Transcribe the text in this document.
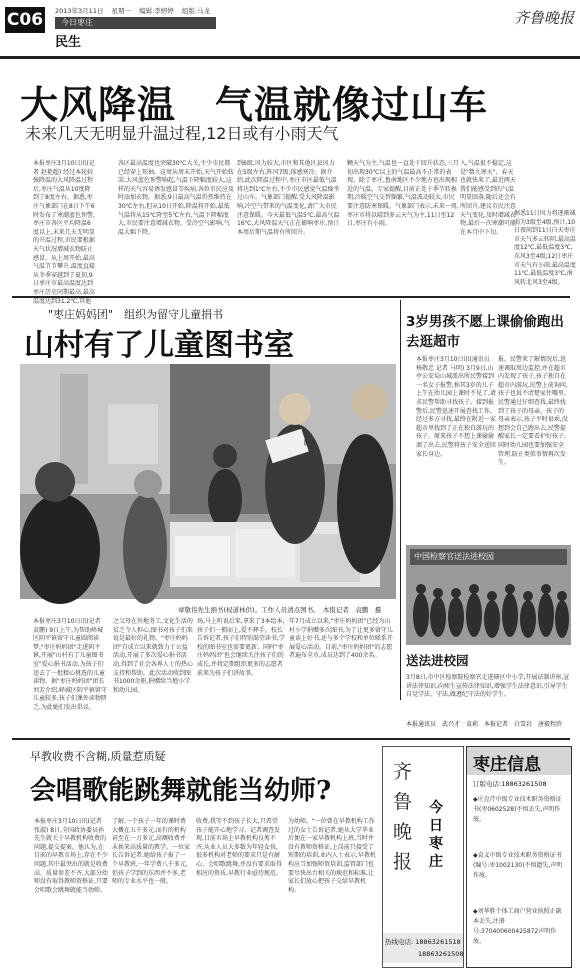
C06 2013年3月11日 星期一 编辑:李婷婷 组版:马龙
今日枣庄
民生
齐鲁晚报
大风降温　气温就像过山车
未来几天无明显升温过程,12日或有小雨天气
本报枣庄3月10日讯(记者 赵艳超) 经过本轮较强降温的大风降温过程后,枣庄气温从10度降到了8度左右。据悉,枣庄气象部门在8日下午6时发布了寒潮蓝色预警,枣庄市各区平均降温6度以上,未来几天无明显的升温过程,市民要根据天气状况增减衣物防止感冒。从上周开始,最高气温节节攀升,温度直接从冬季穿越到了夏初,9日枣庄市最高温度达到枣庄历史同期最高,最高温度达到31.2℃,其他
各区最高温度也突破30℃大关,不少市民都已经穿上短袖。这周从周末开始,天气开始转凉,大风蓝色预警响起,气温下降幅度较大,这样的天气容易诱发感冒等疾病,各位市民应及时添加衣物。据悉,9日最高气温仍然维持在30℃左右,但从10日开始,降温将开始,最低气温将从15℃降至5℃左右,气温下降幅度大,市民要注意增减衣物。受冷空气影响,气温大幅下降。
到6级,风力较大,市区和其他区县风力在5级左右,阵风7级,体感寒冷。据介绍,此次降温过程中,枣庄市区最低气温将达到1℃左右,不少市民感觉气温像坐过山车。气象部门提醒,受大风降温影响,冷空气带来的气温变化,请广大市民注意保暖。今天最低气温5℃,最高气温16℃,大风降温天气正在影响枣庄,预计本周后期气温将有所回升。
颗天气为主,气温也一直处于回升状态,三月初出现30℃以上的气温最高不正常的表现。除了枣庄,鲁南地区不少地方也出现相近的气温。专家提醒,目前正处于季节转换期,冷暖空气交替频繁,气温波动较大,市民要注意防寒保暖。气象部门表示,未来一周,枣庄市将以晴到多云天气为主,11日至12日,枣庄有小雨。
入,气温很不稳定,这是"数九寒天"、春天也就快来了,最近两天我们能感受到的气温明显回落,随后还会有所回升,建议市民注意天气变化,及时增减衣物,最后一次寒潮可能在本月中下旬。
据悉11日风力将逐渐减弱为3级至4级,预计,10日夜间到11日白天枣庄市天气多云转阴,最高温度12℃,最低温度3℃,东风3至4级;12日枣庄市天气有小雨,最高温度11℃,最低温度3℃,南风转北风3至4级。
"枣庄妈妈团"　组织为留守儿童捐书
山村有了儿童图书室
图书
章敬伟先生捐书(权道林供)。工作人员清点图书。　本报记者　袁鹏　摄
本报枣庄3月10日讯(记者 袁鹏) 9日上午,为帮助峄城区阴平镇留守儿童圆阅读梦,"枣庄妈妈团"走进阴平镇,开展"山村有了儿童图书室"爱心捐书活动,为孩子们送去了一批精心挑选的儿童读物。据"枣庄妈妈团"团长刘芳介绍,峄城区阴平镇留守儿童较多,孩子们课外读物匮乏,为此她们发出倡议。
之父母在外地务工,文化生活的贫乏令人担心,图书对孩子们来说是最好的礼物。"枣庄妈妈团"自成立以来就致力于公益活动,开展了多次爱心捐书活动,得到了社会各界人士的热心支持和帮助。此次活动收到图书1000余册,捐赠给当地小学和幼儿园。
场,马上听说后来,拿来了3本绘本,孩子们一拥而上,爱不释手。校长告诉记者,孩子们特别渴望读书,学校的图书室也需要更新。同时"枣庄妈妈团"也会继续关注孩子们的成长,并将定期组织更多的志愿者前来为孩子们讲故事。
年7月成立以来,"枣庄妈妈团"已经为山村小学捐赠多次图书,为了让更多留守儿童读上好书,还与多个学校和单位联系开展爱心活动。目前,"枣庄妈妈团"的志愿者遍布全市,成员达到了400余名。
3岁男孩不愿上课偷偷跑出去逛超市
本报枣庄3月10日讯(通讯员 杨敬忠 记者 马明) 3月9日,山亭公安局山城派出所民警接到一名女子报警,称其3岁的儿子上午在幼儿园上课时不见了,请求民警帮助寻找孩子。接到报警后,民警迅速开展查找工作,经过多方寻找,最终在附近一家超市里找到了正在独自游玩的孩子。原来孩子不想上课偷偷溜了出去,民警将孩子安全送回家长身边。
报。民警来了解情况后,迅速调取周边监控,并在超市内发现了孩子,孩子独自在超市内游玩,民警上前询问,孩子也说不清楚家住哪里,民警通过仔细查找,最终找到了孩子的母亲。孩子的母亲表示,孩子平时很乖,没想到会自己跑出去,民警提醒家长一定要看护好孩子,同时幼儿园也要加强安全管理,防止类似事情再次发生。
中国检察官送法进校园
送法进校园
3月8日,市中区检察院检察官走进辖区中小学,开展法制讲座,宣讲法律知识,向师生宣传法律知识,增强学生法律意识,引导学生自觉学法、守法,做遵纪守法的好学生。
本报通讯员　武兴才　袁莉　本报记者　白雪岩　唐毅程滨
早教收费不含糊,质量惹质疑
会唱歌能跳舞就能当幼师?
本报枣庄3月10日讯(记者 张淑) 8日,全国政协委员孙先生就关于早教机构收费的问题,提交提案。他认为,在目前的早教市场上,存在不少问题,其中最突出的就是收费高、质量参差不齐,大部分幼师没有取得教师资格证,只要会唱歌会跳舞就能当幼师。
了解,一个孩子一年的课时费大概在五千多元,而有的机构甚至在一万多元,高额收费并未换来高质量的教学。一位家长告诉记者,她给孩子报了一个早教班,一年学费八千多元,但孩子学到的东西并不多,老师的专业水平也一般。
收费,我等不到孩子长大,只希望孩子能开心地学习。记者调查发现,目前市场上早教机构良莠不齐,从业人员大多数为年轻女孩,很多机构对老师的要求只是有耐心、会唱歌跳舞,并没有要求取得相应的资质,早教行业亟待规范。
为幼师。"一位曾在早教机构工作过的女士告诉记者,她从大学毕业后便在一家早教机构上班,当时并没有教师资格证,上岗前只接受了短期的培训,业内人士表示,早教机构应当加强师资培训,监管部门也要尽快出台相关的规范和标准,让家长们放心把孩子交给早教机构。
齐鲁晚报
今日枣庄
热线电话: 18863261518
18863261508
枣庄信息
订版电话:18863261508
◆庄克芹中级专业技术职务资格证书(枣0602528)不慎丢失,声明作废。
◆袁义中级专业技术职务资格证书(编号:枣1002130)不慎遗失,声明作废。
◆刘华胜个体工商户营业执照正副本丢失,注册号:370400600425872声明作废。
